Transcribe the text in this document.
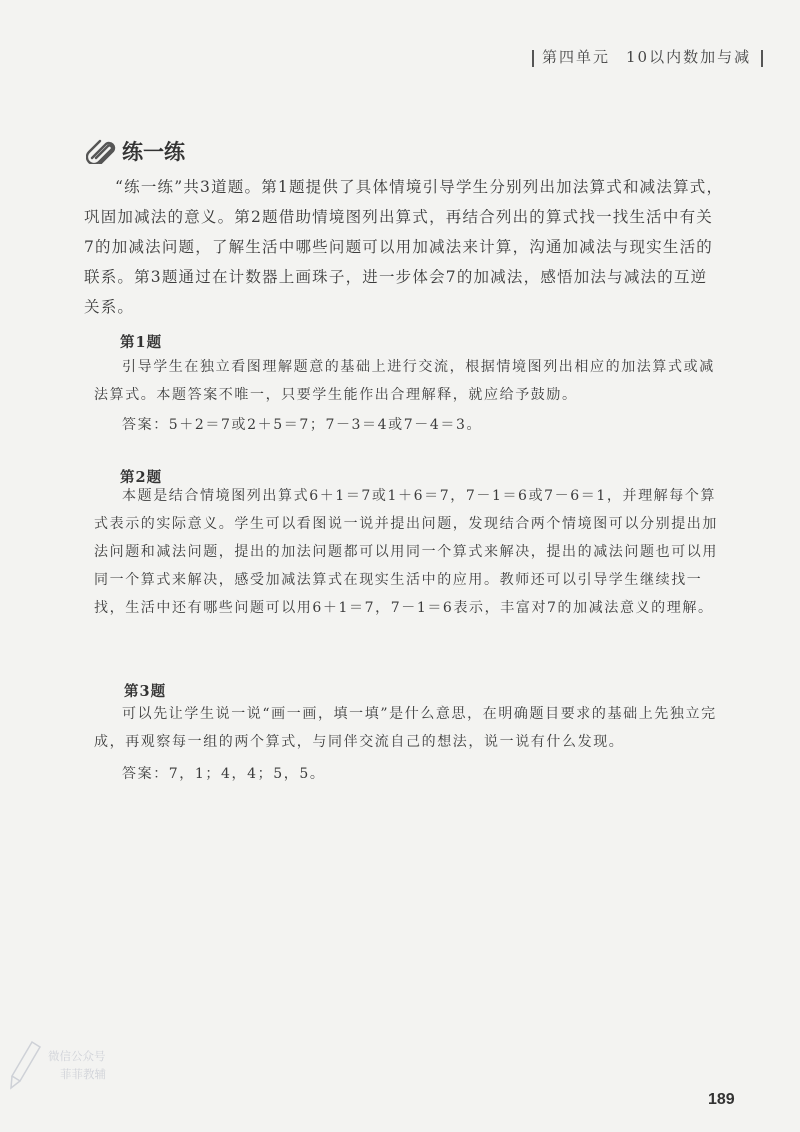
第四单元 10以内数加与减
练一练
“练一练”共3道题。第1题提供了具体情境引导学生分别列出加法算式和减法算式，巩固加减法的意义。第2题借助情境图列出算式，再结合列出的算式找一找生活中有关7的加减法问题，了解生活中哪些问题可以用加减法来计算，沟通加减法与现实生活的联系。第3题通过在计数器上画珠子，进一步体会7的加减法，感悟加法与减法的互逆关系。
第1题
引导学生在独立看图理解题意的基础上进行交流，根据情境图列出相应的加法算式或减法算式。本题答案不唯一，只要学生能作出合理解释，就应给予鼓励。
答案：5＋2＝7或2＋5＝7；7－3＝4或7－4＝3。
第2题
本题是结合情境图列出算式6＋1＝7或1＋6＝7，7－1＝6或7－6＝1，并理解每个算式表示的实际意义。学生可以看图说一说并提出问题，发现结合两个情境图可以分别提出加法问题和减法问题，提出的加法问题都可以用同一个算式来解决，提出的减法问题也可以用同一个算式来解决，感受加减法算式在现实生活中的应用。教师还可以引导学生继续找一找，生活中还有哪些问题可以用6＋1＝7，7－1＝6表示，丰富对7的加减法意义的理解。
第3题
可以先让学生说一说“画一画，填一填”是什么意思，在明确题目要求的基础上先独立完成，再观察每一组的两个算式，与同伴交流自己的想法，说一说有什么发现。
答案：7，1；4，4；5，5。
微信公众号
菲菲教辅
189
